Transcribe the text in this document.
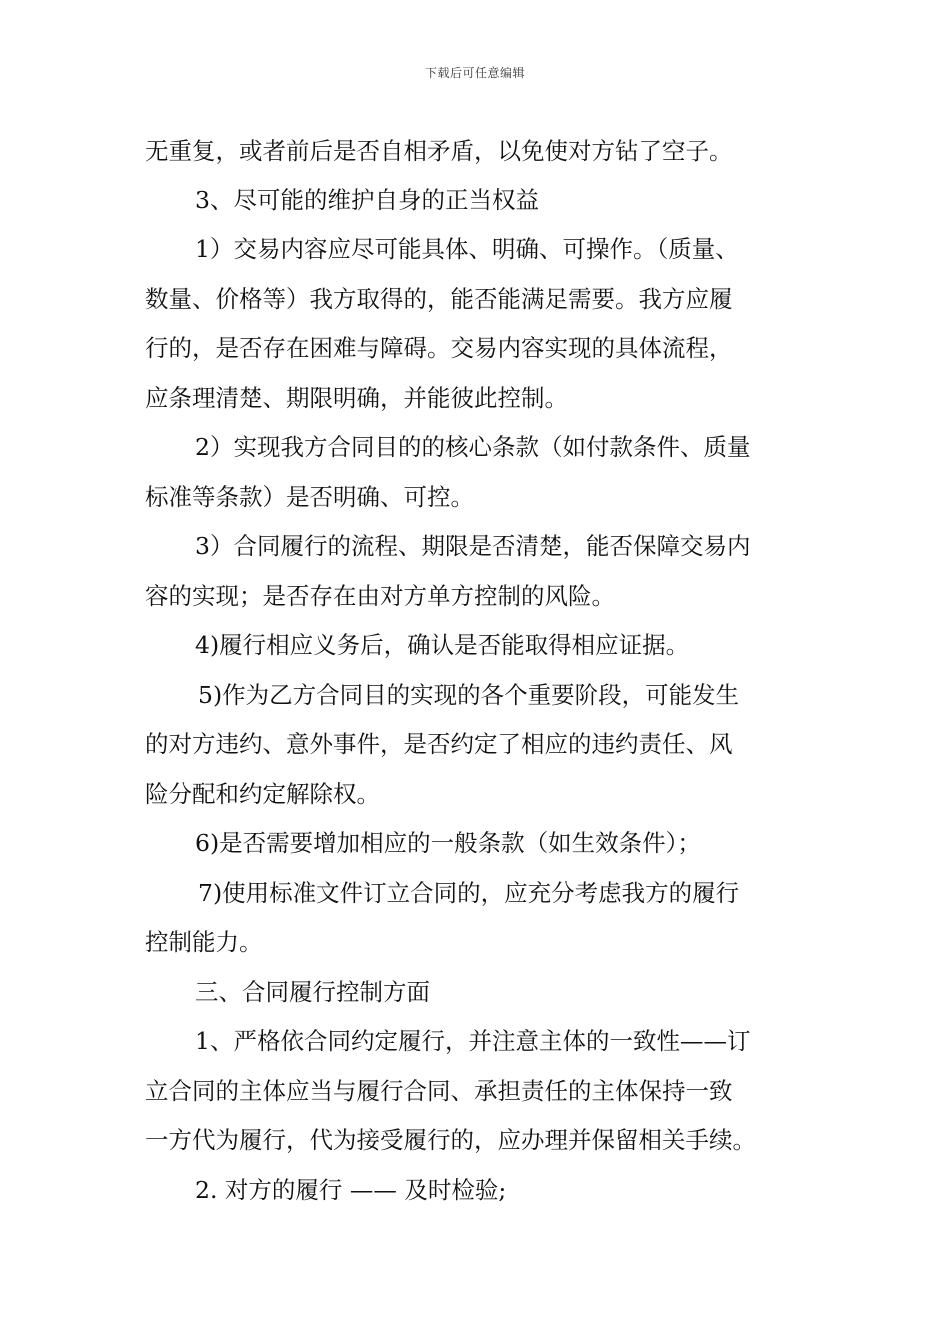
下载后可任意编辑
无重复，或者前后是否自相矛盾，以免使对方钻了空子。
3、尽可能的维护自身的正当权益
1）交易内容应尽可能具体、明确、可操作。（质量、
数量、价格等）我方取得的，能否能满足需要。我方应履
行的，是否存在困难与障碍。交易内容实现的具体流程，
应条理清楚、期限明确，并能彼此控制。
2）实现我方合同目的的核心条款（如付款条件、质量
标准等条款）是否明确、可控。
3）合同履行的流程、期限是否清楚，能否保障交易内
容的实现；是否存在由对方单方控制的风险。
4)履行相应义务后，确认是否能取得相应证据。
5)作为乙方合同目的实现的各个重要阶段，可能发生
的对方违约、意外事件，是否约定了相应的违约责任、风
险分配和约定解除权。
6)是否需要增加相应的一般条款（如生效条件）；
7)使用标准文件订立合同的，应充分考虑我方的履行
控制能力。
三、合同履行控制方面
1、严格依合同约定履行，并注意主体的一致性——订
立合同的主体应当与履行合同、承担责任的主体保持一致
一方代为履行，代为接受履行的，应办理并保留相关手续。
2. 对方的履行 —— 及时检验;
